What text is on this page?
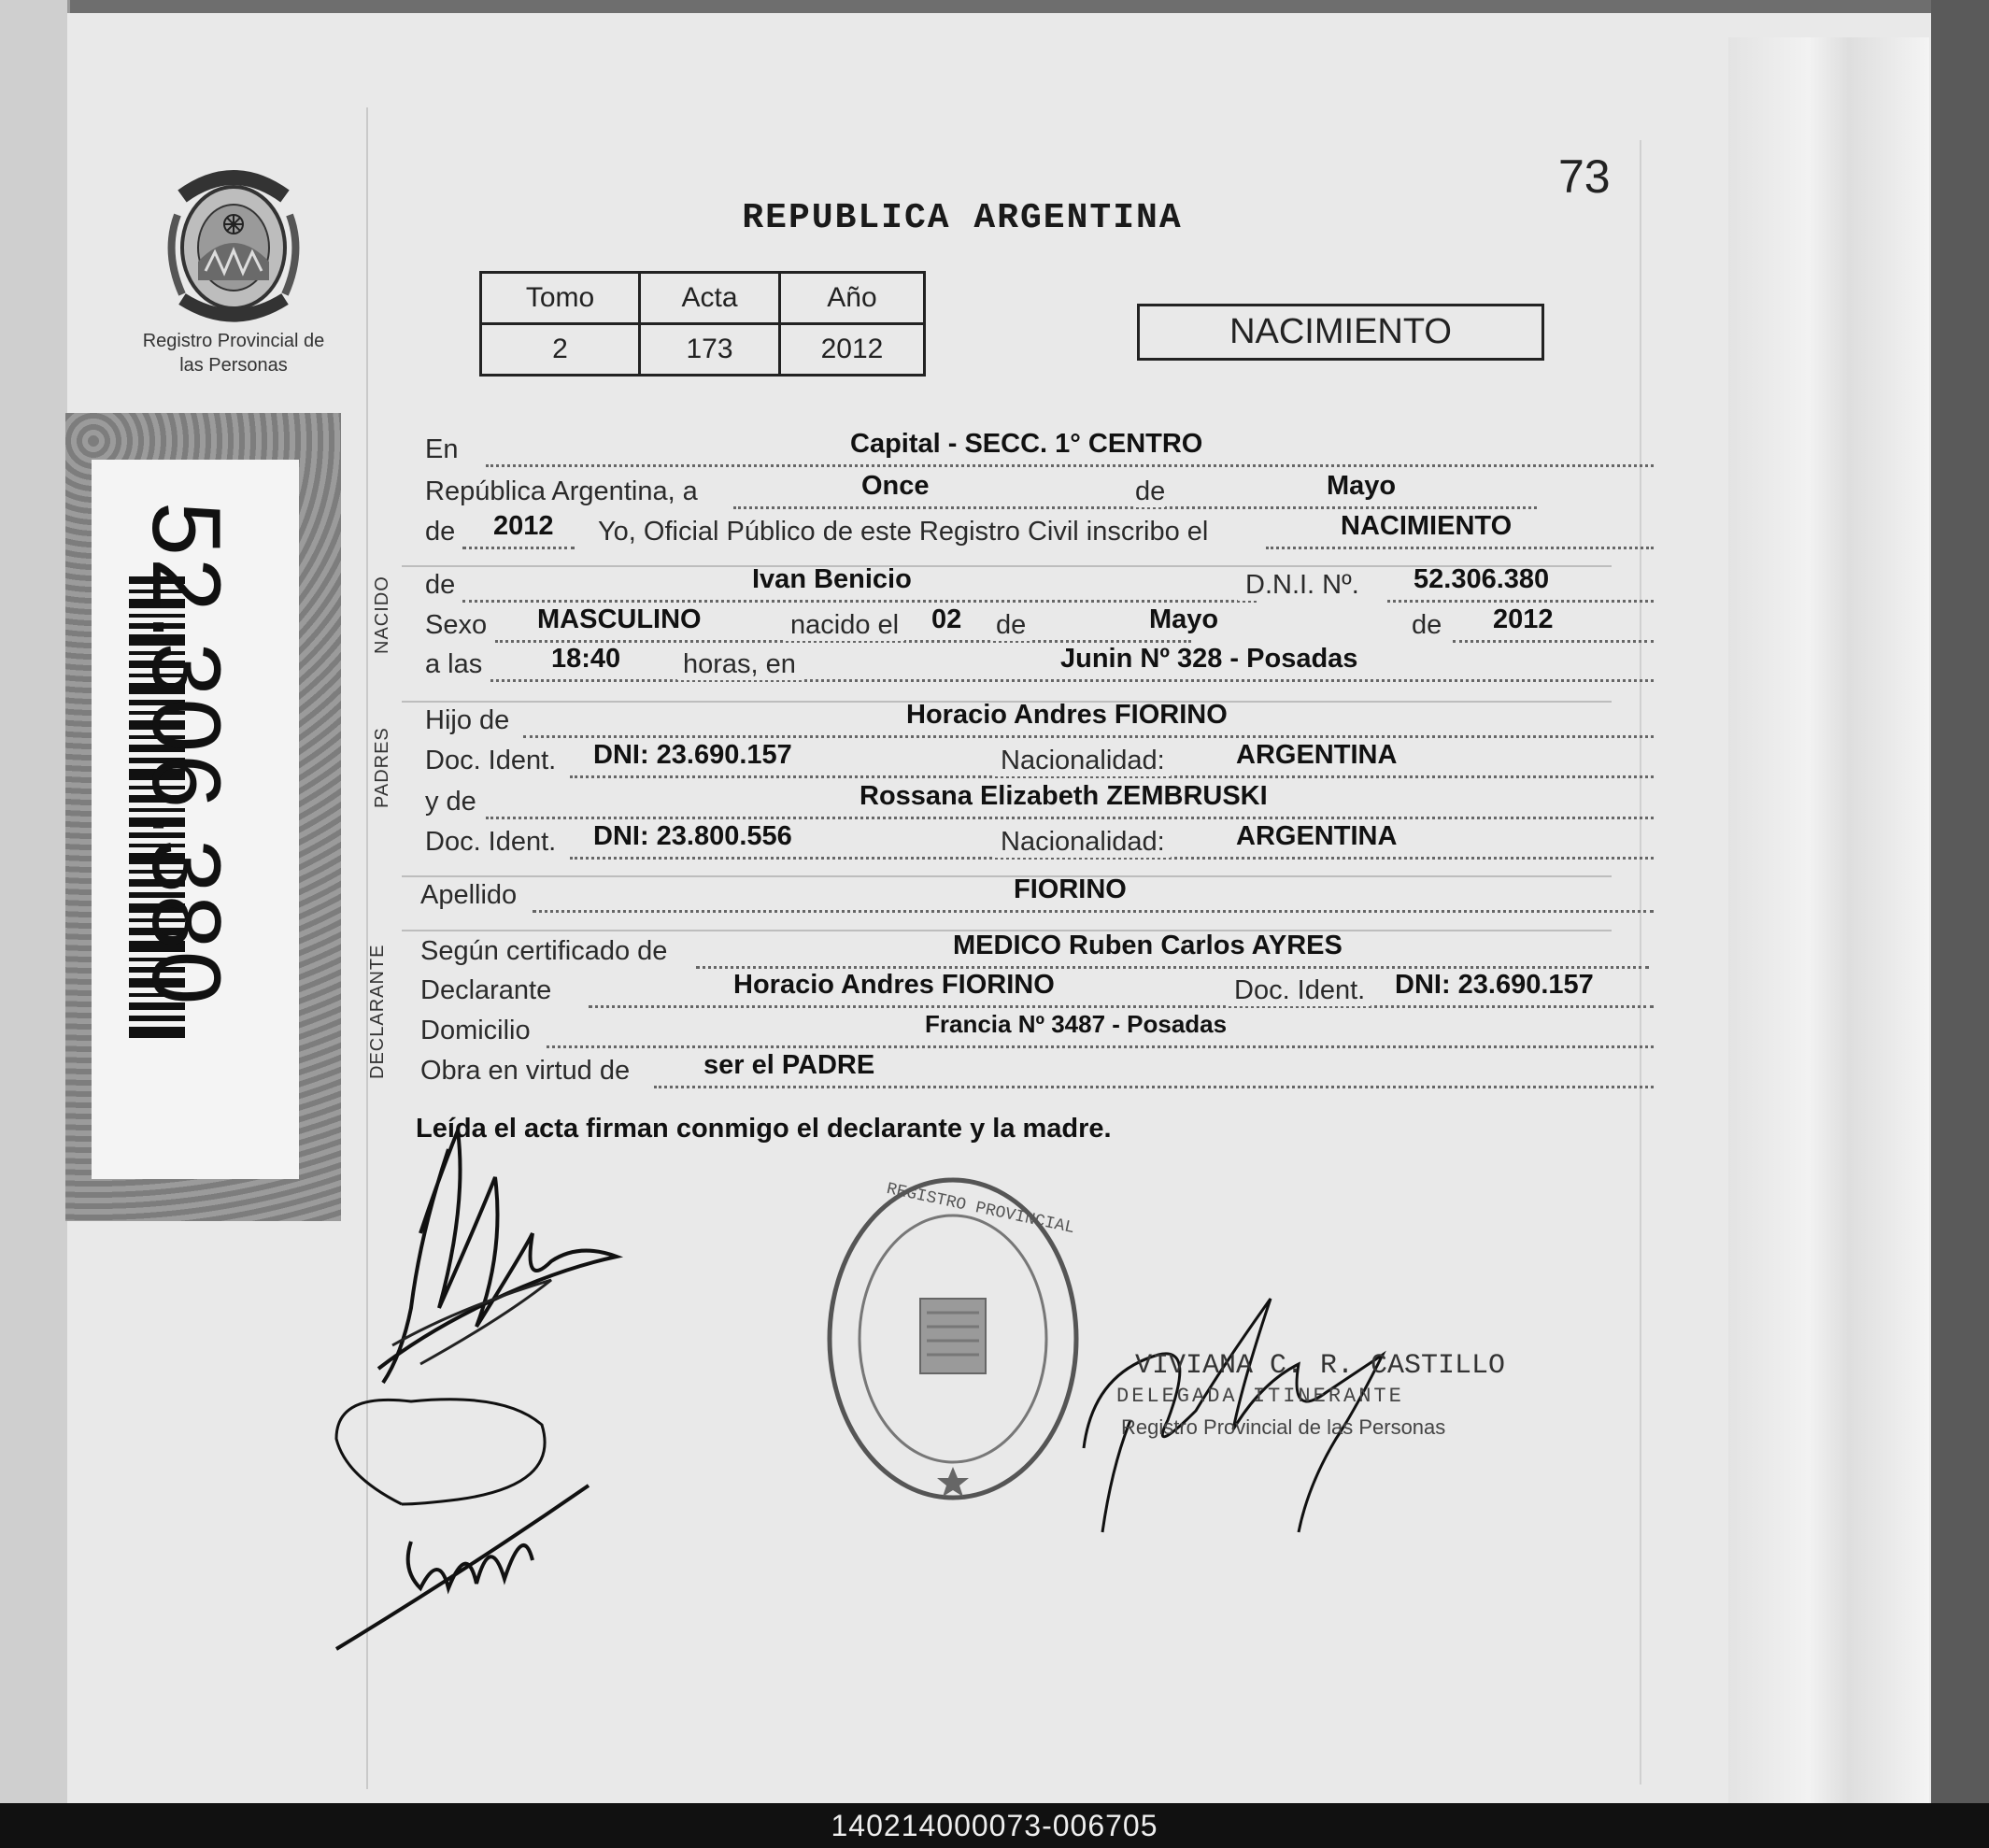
Registro Provincial de las Personas
52.306.380
73
REPUBLICA ARGENTINA
Tomo	Acta	Año
2	173	2012	NACIMIENTO
En	Capital - SECC. 1° CENTRO
República Argentina, a	Once	de	Mayo
de 2012 Yo, Oficial Público de este Registro Civil inscribo el	NACIMIENTO
NACIDO de	Ivan Benicio	D.N.I. Nº. 52.306.380
Sexo MASCULINO	nacido el 02 de	Mayo	de 2012
a las	18:40 horas, en	Junin Nº 328 - Posadas
PADRES
Hijo de	Horacio Andres FIORINO
Doc. Ident. DNI: 23.690.157	Nacionalidad:	ARGENTINA
y de	Rossana Elizabeth ZEMBRUSKI
Doc. Ident. DNI: 23.800.556	Nacionalidad:	ARGENTINA
Apellido	FIORINO
DECLARANTE Según certificado de	MEDICO Ruben Carlos AYRES
Declarante	Horacio Andres FIORINO	Doc. Ident. DNI: 23.690.157
Domicilio	Francia Nº 3487 - Posadas
Obra en virtud de	ser el PADRE
Leída el acta firman conmigo el declarante y la madre.
REGISTRO PROVINCIAL
VIVIANA C. R. CASTILLO
DELEGADA ITINERANTE
Registro Provincial de las Personas
140214000073-006705
